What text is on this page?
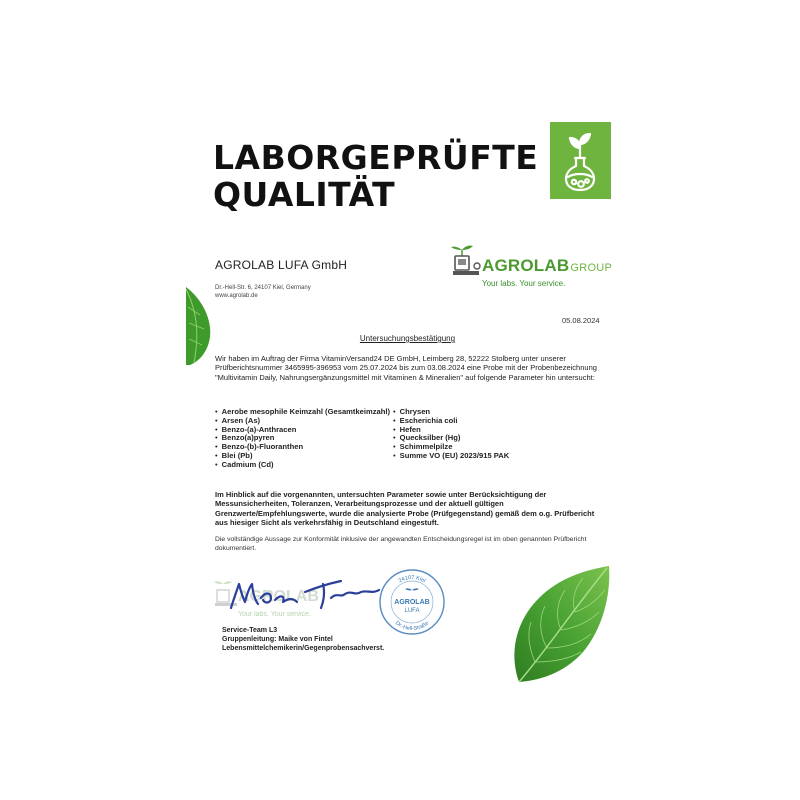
LABORGEPRÜFTE
QUALITÄT
AGROLAB LUFA GmbH
Dr.-Hell-Str. 6, 24107 Kiel, Germany
www.agrolab.de
AGROLABGROUP
Your labs. Your service.
05.08.2024
Untersuchungsbestätigung

Wir haben im Auftrag der Firma VitaminVersand24 DE GmbH, Leimberg 28, 52222 Stolberg unter unserer Prüfberichtsnummer 3465995-396953 vom 25.07.2024 bis zum 03.08.2024 eine Probe mit der Probenbezeichnung "Multivitamin Daily, Nahrungsergänzungsmittel mit Vitaminen & Mineralien" auf folgende Parameter hin untersucht:

• Aerobe mesophile Keimzahl (Gesamtkeimzahl)
• Arsen (As)
• Benzo-(a)-Anthracen
• Benzo(a)pyren
• Benzo-(b)-Fluoranthen
• Blei (Pb)
• Cadmium (Cd)
• Chrysen
• Escherichia coli
• Hefen
• Quecksilber (Hg)
• Schimmelpilze
• Summe VO (EU) 2023/915 PAK

Im Hinblick auf die vorgenannten, untersuchten Parameter sowie unter Berücksichtigung der Messunsicherheiten, Toleranzen, Verarbeitungsprozesse und der aktuell gültigen Grenzwerte/Empfehlungswerte, wurde die analysierte Probe (Prüfgegenstand) gemäß dem o.g. Prüfbericht aus hiesiger Sicht als verkehrsfähig in Deutschland eingestuft.

Die vollständige Aussage zur Konformität inklusive der angewandten Entscheidungsregel ist im oben genannten Prüfbericht dokumentiert.

AGROLAB
Your labs. Your service.
24107 Kiel
Dr.-Hell-Straße
AGROLAB
LUFA
Service-Team L3
Gruppenleitung: Maike von Fintel
Lebensmittelchemikerin/Gegenprobensachverst.
